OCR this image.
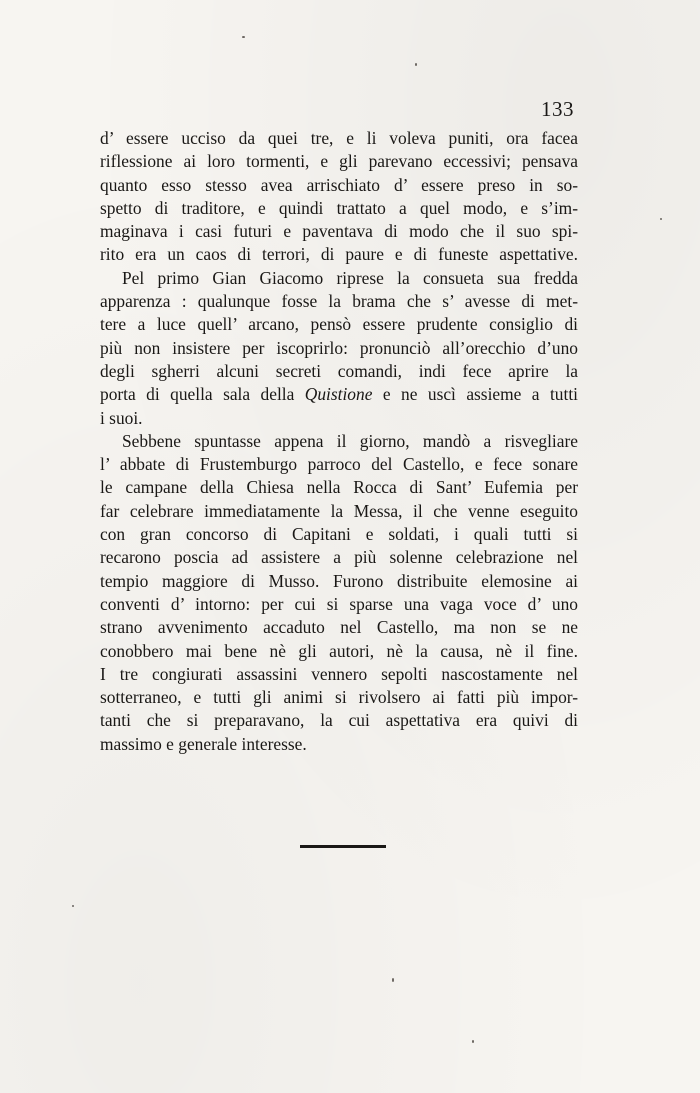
133
d’ essere ucciso da quei tre, e li voleva puniti, ora facea
riflessione ai loro tormenti, e gli parevano eccessivi; pensava
quanto esso stesso avea arrischiato d’ essere preso in so-
spetto di traditore, e quindi trattato a quel modo, e s’im-
maginava i casi futuri e paventava di modo che il suo spi-
rito era un caos di terrori, di paure e di funeste aspettative.
Pel primo Gian Giacomo riprese la consueta sua fredda
apparenza : qualunque fosse la brama che s’ avesse di met-
tere a luce quell’ arcano, pensò essere prudente consiglio di
più non insistere per iscoprirlo: pronunciò all’orecchio d’uno
degli sgherri alcuni secreti comandi, indi fece aprire la
porta di quella sala della Quistione e ne uscì assieme a tutti
i suoi.
Sebbene spuntasse appena il giorno, mandò a risvegliare
l’ abbate di Frustemburgo parroco del Castello, e fece sonare
le campane della Chiesa nella Rocca di Sant’ Eufemia per
far celebrare immediatamente la Messa, il che venne eseguito
con gran concorso di Capitani e soldati, i quali tutti si
recarono poscia ad assistere a più solenne celebrazione nel
tempio maggiore di Musso. Furono distribuite elemosine ai
conventi d’ intorno: per cui si sparse una vaga voce d’ uno
strano avvenimento accaduto nel Castello, ma non se ne
conobbero mai bene nè gli autori, nè la causa, nè il fine.
I tre congiurati assassini vennero sepolti nascostamente nel
sotterraneo, e tutti gli animi si rivolsero ai fatti più impor-
tanti che si preparavano, la cui aspettativa era quivi di
massimo e generale interesse.
